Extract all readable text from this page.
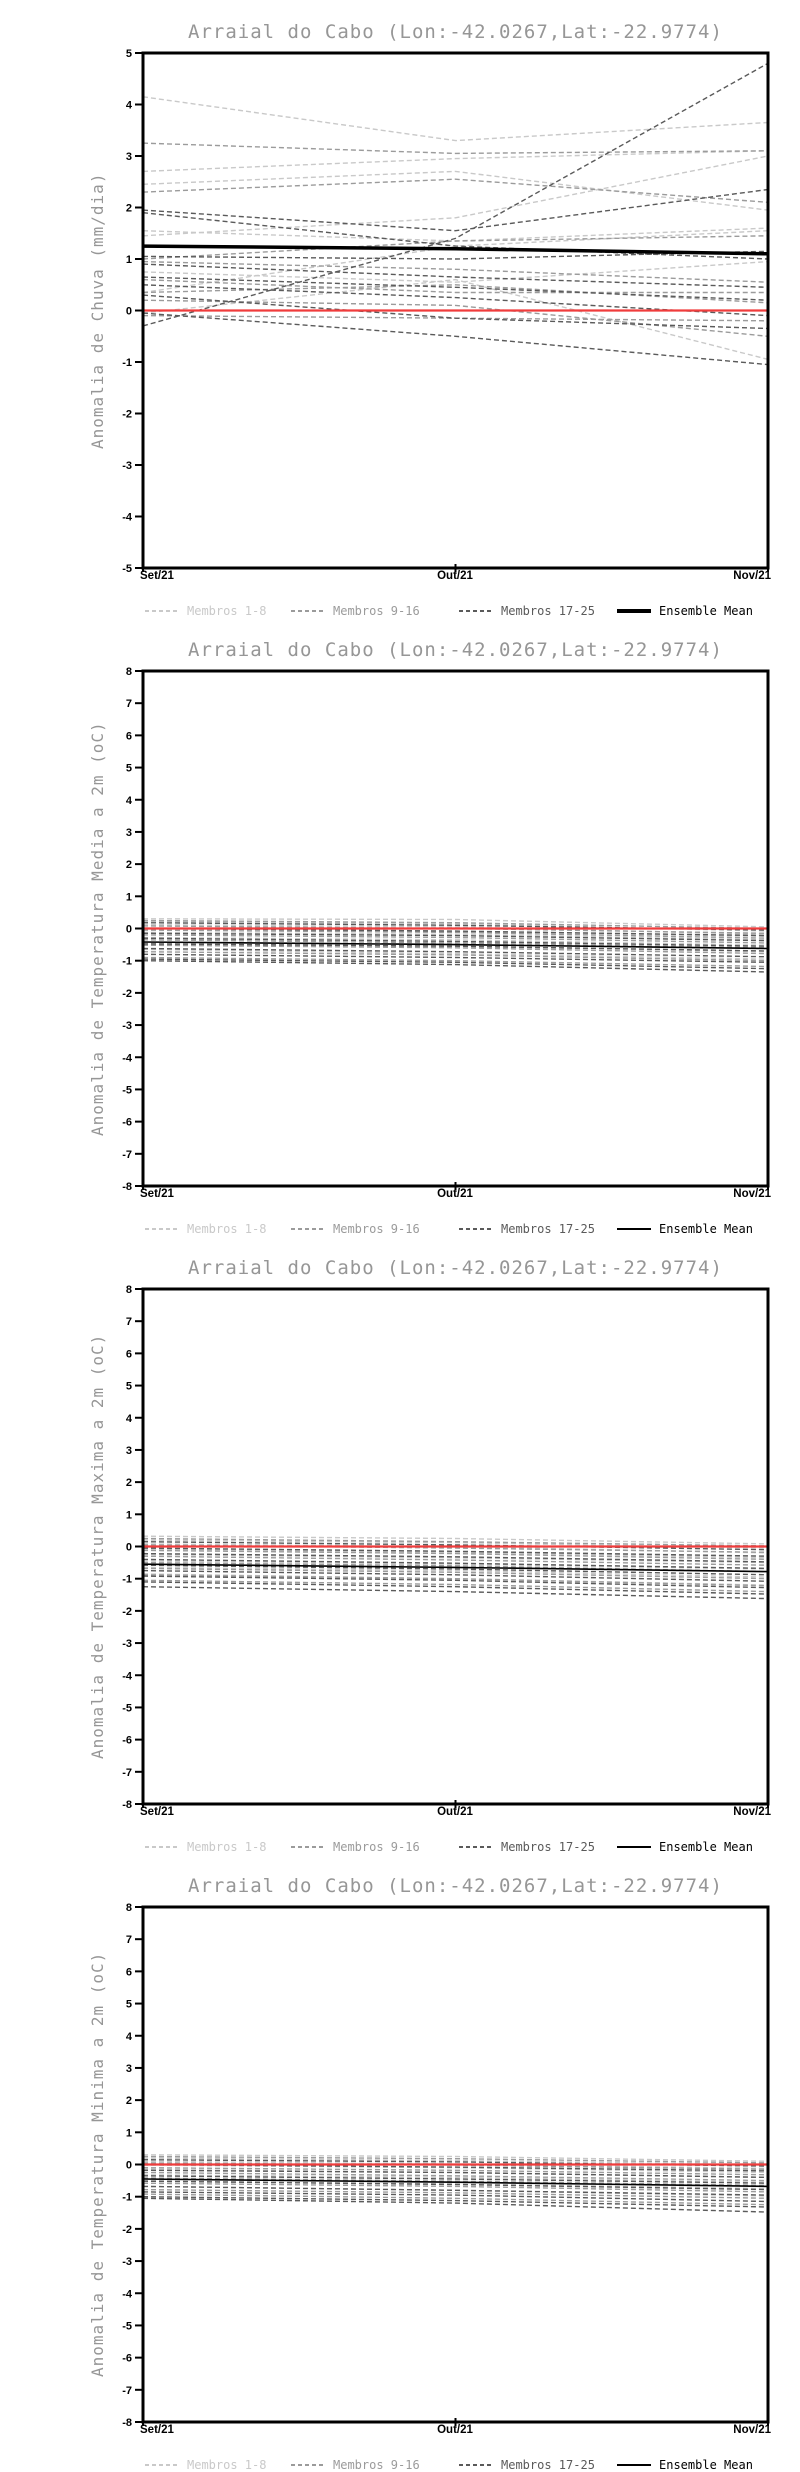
5
4
3
2
1
0
-1
-2
-3
-4
-5
Arraial do Cabo (Lon:-42.0267,Lat:-22.9774)
Anomalia de Chuva (mm/dia)
Set/21	Out/21	Nov/21
Membros 1-8	Membros 9-16	Membros 17-25	Ensemble Mean
8
7
6
5
4
3
2
1
0
-1
-2
-3
-4
-5
-6
-7
-8
Arraial do Cabo (Lon:-42.0267,Lat:-22.9774)
Anomalia de Temperatura Media a 2m (oC)
Set/21	Out/21	Nov/21
Membros 1-8	Membros 9-16	Membros 17-25	Ensemble Mean
8
7
6
5
4
3
2
1
0
-1
-2
-3
-4
-5
-6
-7
-8
Arraial do Cabo (Lon:-42.0267,Lat:-22.9774)
Anomalia de Temperatura Maxima a 2m (oC)
Set/21	Out/21	Nov/21
Membros 1-8	Membros 9-16	Membros 17-25	Ensemble Mean
8
7
6
5
4
3
2
1
0
-1
-2
-3
-4
-5
-6
-7
-8
Arraial do Cabo (Lon:-42.0267,Lat:-22.9774)
Anomalia de Temperatura Minima a 2m (oC)
Set/21	Out/21	Nov/21
Membros 1-8	Membros 9-16	Membros 17-25	Ensemble Mean
